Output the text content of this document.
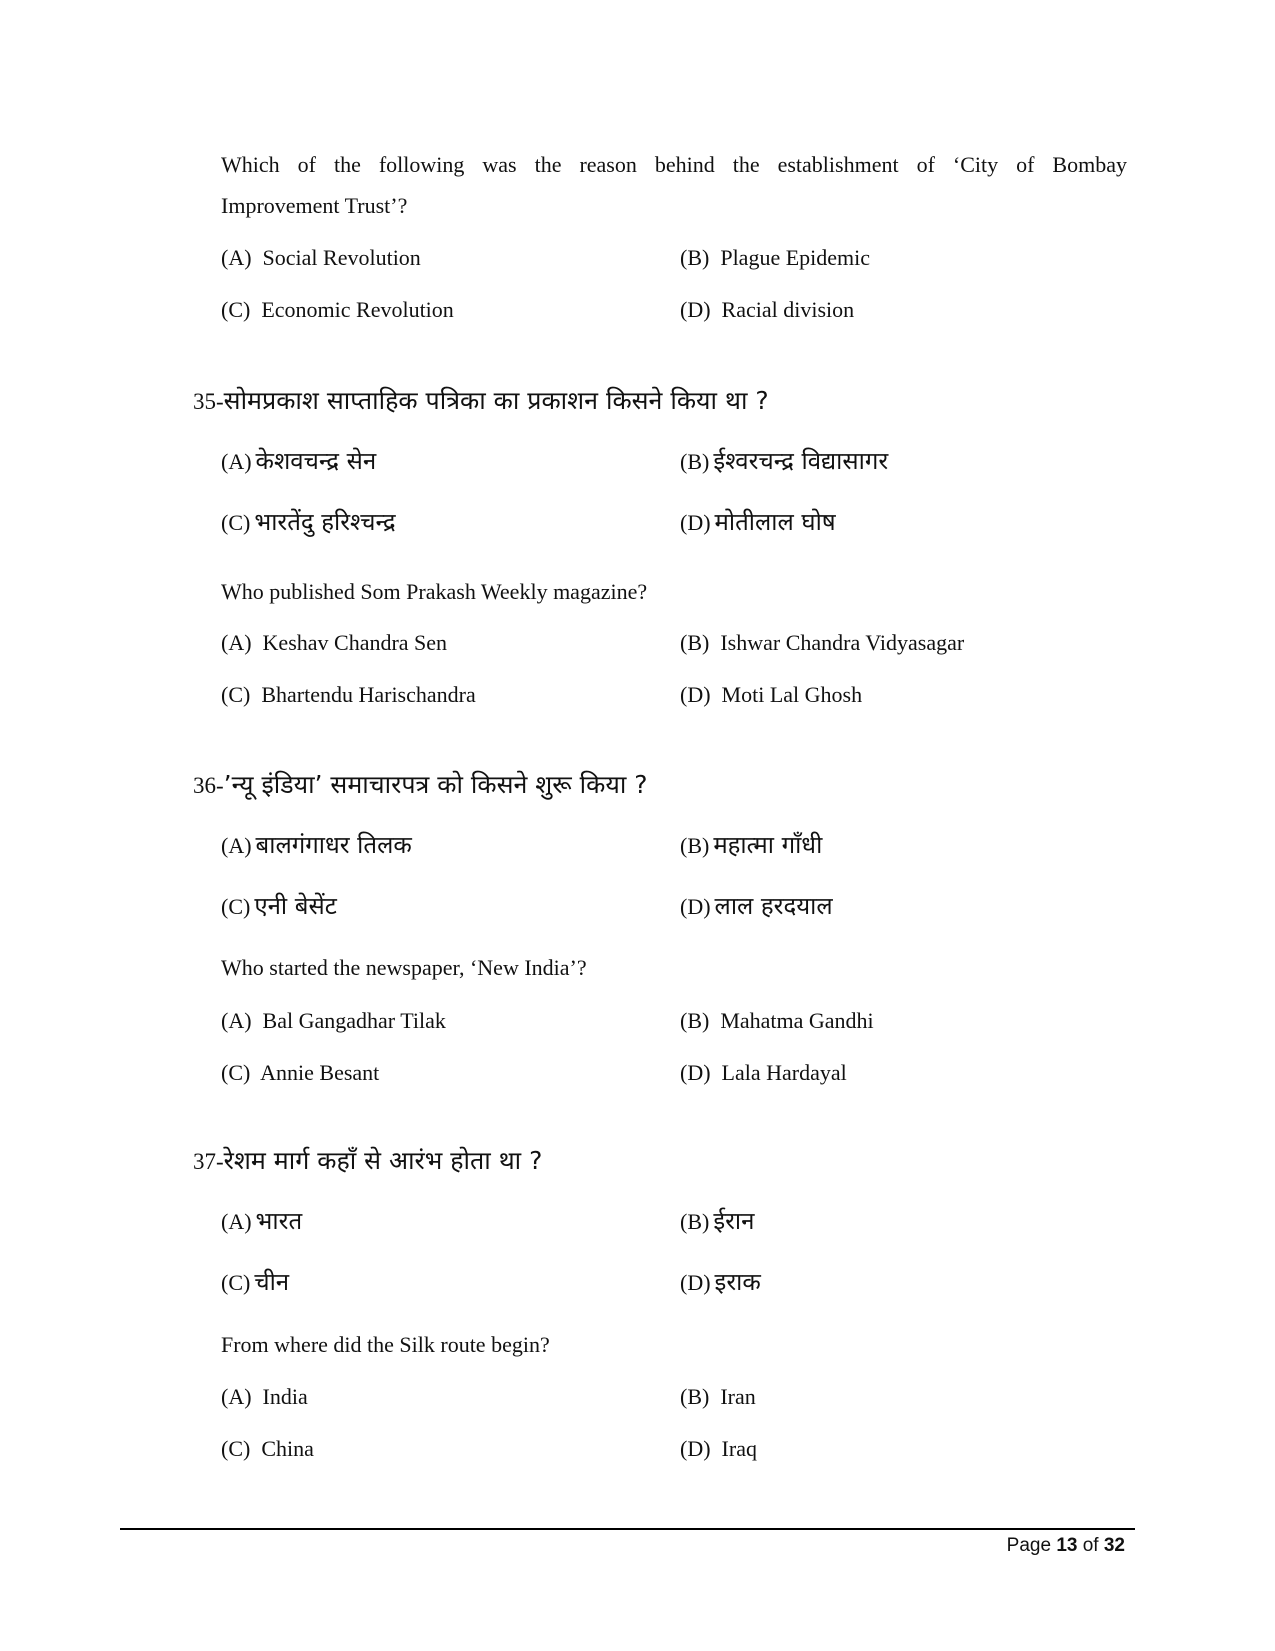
Which of the following was the reason behind the establishment of ‘City of Bombay
Improvement Trust’?
(A) Social Revolution	(B) Plague Epidemic
(C) Economic Revolution	(D) Racial division
35-सोमप्रकाश साप्ताहिक पत्रिका का प्रकाशन किसने किया था ?
(A) केशवचन्द्र सेन	(B) ईश्वरचन्द्र विद्यासागर
(C) भारतेंदु हरिश्चन्द्र	(D) मोतीलाल घोष
Who published Som Prakash Weekly magazine?
(A) Keshav Chandra Sen	(B) Ishwar Chandra Vidyasagar
(C) Bhartendu Harischandra	(D) Moti Lal Ghosh
36-’न्यू इंडिया’ समाचारपत्र को किसने शुरू किया ?
(A) बालगंगाधर तिलक	(B) महात्मा गाँधी
(C) एनी बेसेंट	(D) लाल हरदयाल
Who started the newspaper, ‘New India’?
(A) Bal Gangadhar Tilak	(B) Mahatma Gandhi
(C) Annie Besant	(D) Lala Hardayal
37-रेशम मार्ग कहाँ से आरंभ होता था ?
(A) भारत	(B) ईरान
(C) चीन	(D) इराक
From where did the Silk route begin?
(A) India	(B) Iran
(C) China	(D) Iraq
Page 13 of 32
